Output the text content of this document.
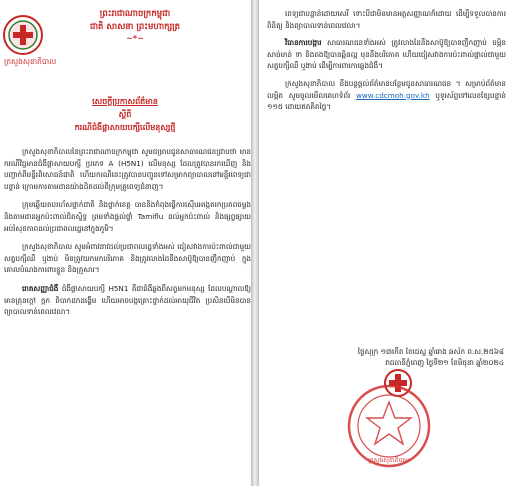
ក្រសួងសុខាភិបាល
ព្រះរាជាណាចក្រកម្ពុជា
ជាតិ សាសនា ព្រះមហាក្សត្រ
~*~
សេចក្តីប្រកាសព័ត៌មាន
ស្តីពី
ករណីជំងឺផ្តាសាយបក្សីលើមនុស្សថ្មី

ក្រសួងសុខាភិបាលនៃព្រះរាជាណាចក្រកម្ពុជា សូមជម្រាបជូនសាធារណជនជ្រាបថា មានករណីវិជ្ជមានជំងឺផ្តាសាយបក្សី ប្រភេទ A (H5N1) លើមនុស្ស ដែលត្រូវបានរកឃើញ និងបញ្ជាក់ពីមន្ទីរពិសោធន៍ជាតិ ហើយករណីនេះត្រូវបានបញ្ជូនទៅសម្រាកព្យាបាលនៅមន្ទីរពេទ្យជាបន្ទាន់ ក្រោមការតាមដានយ៉ាងដិតដល់ពីក្រុមគ្រូពេទ្យជំនាញ។

ក្រុមឆ្លើយតបរហ័សថ្នាក់ជាតិ និងថ្នាក់ខេត្ត បាននិងកំពុងធ្វើការស៊ើបអង្កេតរកប្រភពចម្លង និងតាមដានអ្នកប៉ះពាល់ជិតស្និទ្ធ ព្រមទាំងផ្តល់ថ្នាំ Tamiflu ដល់អ្នកប៉ះពាល់ និងផ្សព្វផ្សាយអប់រំសុខភាពដល់ប្រជាពលរដ្ឋនៅក្នុងភូមិ។

ក្រសួងសុខាភិបាល សូមអំពាវនាវដល់ប្រជាពលរដ្ឋទាំងអស់ ជៀសវាងការប៉ះពាល់ជាមួយសត្វបក្សីឈឺ ឬងាប់ មិនត្រូវយកមកបរិភោគ និងត្រូវលាងដៃនឹងសាប៊ូឱ្យបានញឹកញាប់ ក្នុងគោលបំណងការពារខ្លួន និងគ្រួសារ។

រោគសញ្ញាជំងឺ ជំងឺផ្តាសាយបក្សី H5N1 គឺជាជំងឺឆ្លងពីសត្វមកមនុស្ស ដែលបណ្តាលឱ្យមានគ្រុនក្តៅ ក្អក ពិបាកដកដង្ហើម ហើយអាចបង្កគ្រោះថ្នាក់ដល់អាយុជីវិត ប្រសិនបើមិនបានព្យាបាលទាន់ពេលវេលា។

ពេទ្យជាបន្ទាន់ដោយសេរី ទោះបីជាមិនមានអត្តសញ្ញាណក៏ដោយ ដើម្បីទទួលបានការពិនិត្យ និងព្យាបាលទាន់ពេលវេលា។

វិធានការបង្ការ សាធារណជនទាំងអស់ ត្រូវលាងដៃនឹងសាប៊ូឱ្យបានញឹកញាប់ ចម្អិនសាច់មាន់ ទា និងពងឱ្យបានឆ្អិនល្អ មុននឹងបរិភោគ ហើយជៀសវាងការប៉ះពាល់ផ្ទាល់ជាមួយសត្វបក្សីឈឺ ឬងាប់ ដើម្បីការពារការឆ្លងជំងឺ។

ក្រសួងសុខាភិបាល នឹងបន្តផ្តល់ព័ត៌មានបន្ថែមជូនសាធារណជន ។ សម្រាប់ព័ត៌មានលម្អិត សូមចូលមើលគេហទំព័រ www.cdcmoh.gov.kh ឬទូរស័ព្ទទៅលេខខ្សែបន្ទាន់ ១១៥ ដោយឥតគិតថ្លៃ។

ថ្ងៃសុក្រ ១៣កើត ខែជេស្ឋ ឆ្នាំរោង ឆស័ក ព.ស.២៥៦៨
រាជធានីភ្នំពេញ ថ្ងៃទី២១ ខែមិថុនា ឆ្នាំ២០២៤
ក្រសួងសុខាភិបាល
